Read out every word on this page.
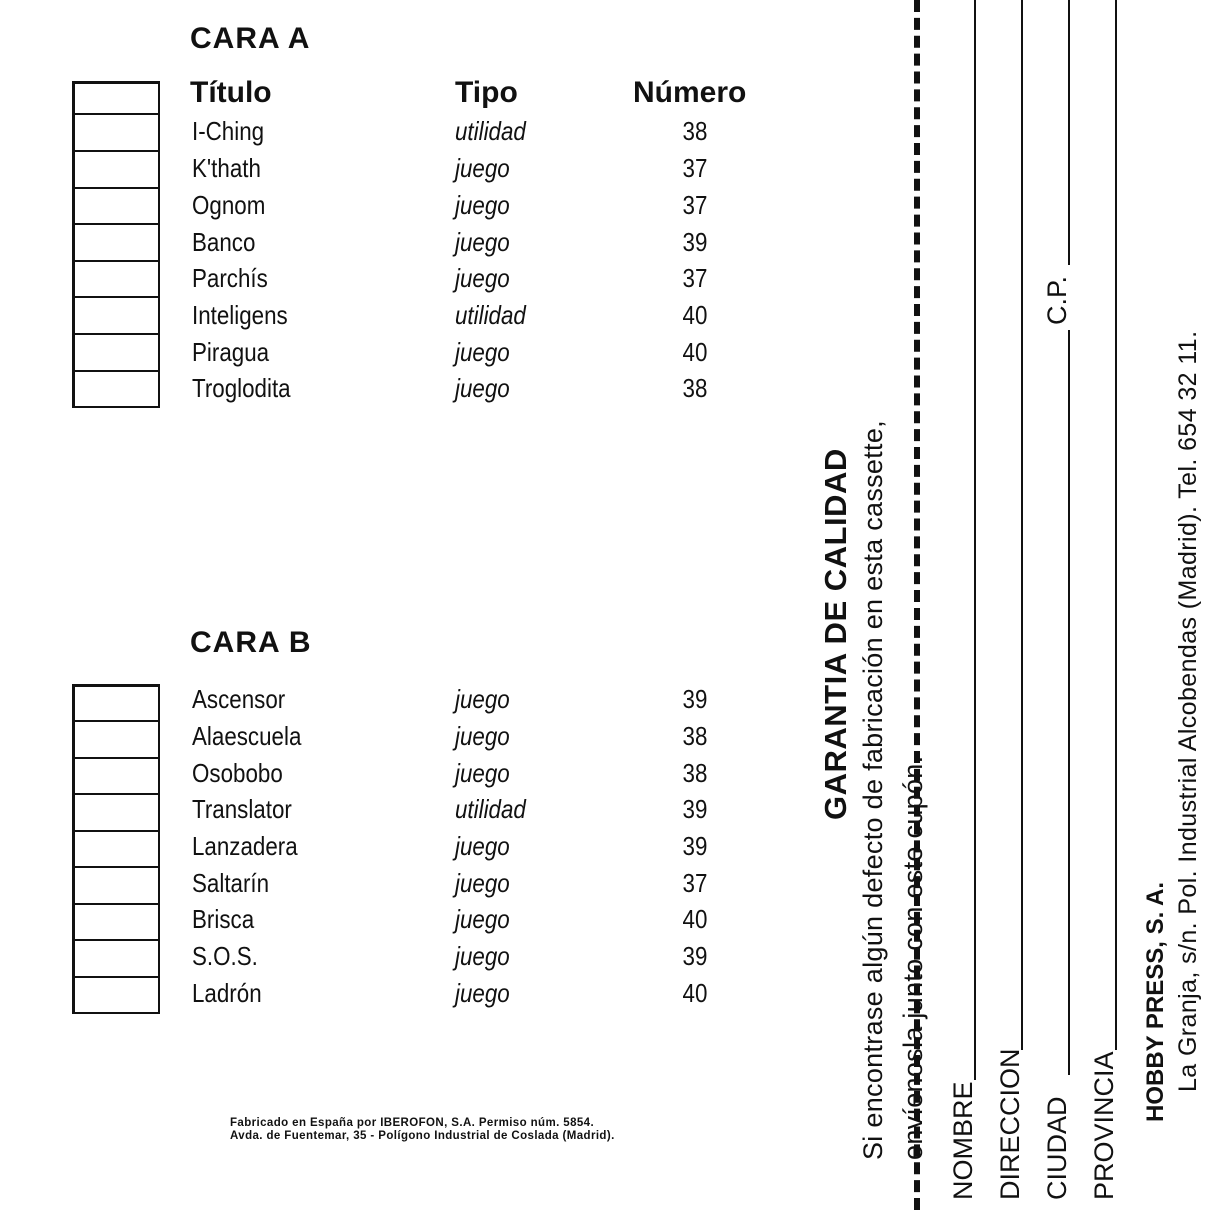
CARA A
Título	Tipo	Número
I-Ching	utilidad	38
K'thath	juego	37
Ognom	juego	37
Banco	juego	39
Parchís	juego	37
Inteligens	utilidad	40
Piragua	juego	40
Troglodita	juego	38
CARA B
Ascensor	juego	39
Alaescuela	juego	38
Osobobo	juego	38
Translator	utilidad	39
Lanzadera	juego	39
Saltarín	juego	37
Brisca	juego	40
S.O.S.	juego	39
Ladrón	juego	40
Fabricado en España por IBEROFON, S.A. Permiso núm. 5854.
Avda. de Fuentemar, 35 - Polígono Industrial de Coslada (Madrid).
GARANTIA DE CALIDAD Si encontrase algún defecto de fabricación en esta cassette, envíenosla junto con este cupón. NOMBRE DIRECCION CIUDAD
C.P.
PROVINCIA
HOBBY PRESS, S. A. La Granja, s/n. Pol. Industrial Alcobendas (Madrid). Tel. 654 32 11.
